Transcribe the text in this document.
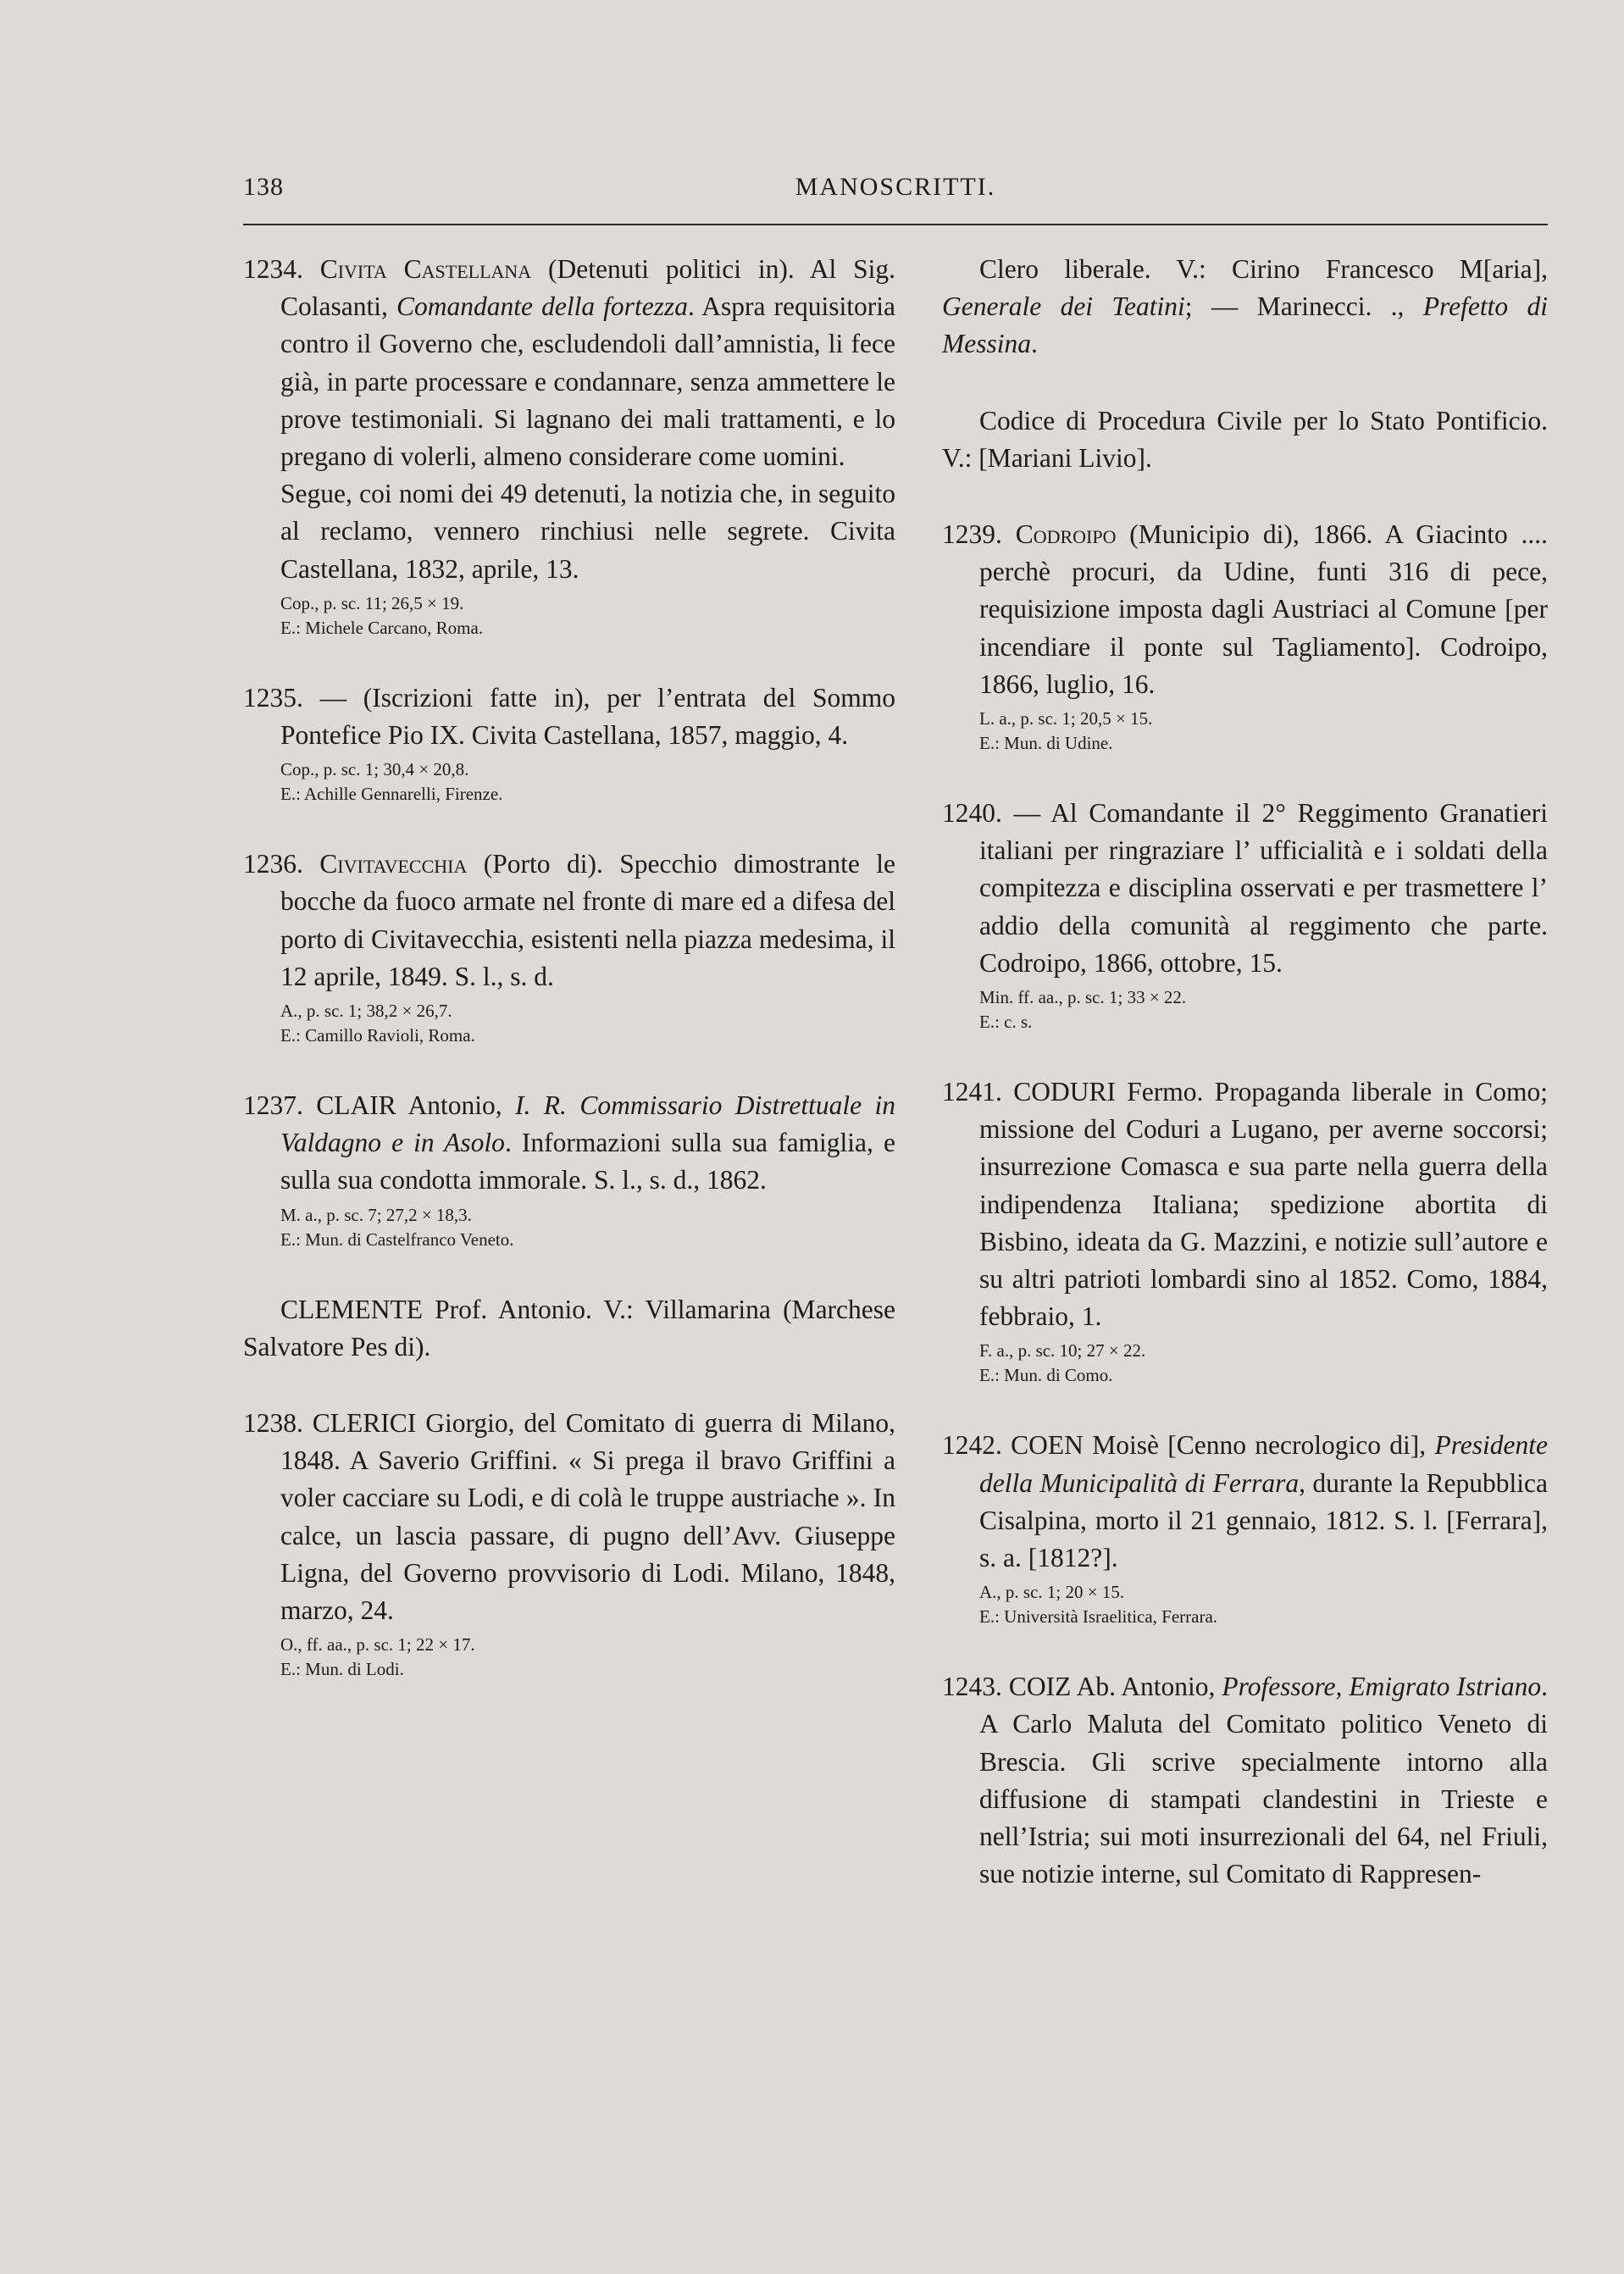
138	MANOSCRITTI.

1234. Civita Castellana (Detenuti politici in). Al Sig. Colasanti, Comandante della fortezza. Aspra requisitoria contro il Governo che, escludendoli dall’amnistia, li fece già, in parte processare e condannare, senza ammettere le prove testimoniali. Si lagnano dei mali trattamenti, e lo pregano di volerli, almeno considerare come uomini.

Segue, coi nomi dei 49 detenuti, la notizia che, in seguito al reclamo, vennero rinchiusi nelle segrete. Civita Castellana, 1832, aprile, 13.

Cop., p. sc. 11; 26,5 × 19.
E.: Michele Carcano, Roma.

1235. — (Iscrizioni fatte in), per l’entrata del Sommo Pontefice Pio IX. Civita Castellana, 1857, maggio, 4.

Cop., p. sc. 1; 30,4 × 20,8.
E.: Achille Gennarelli, Firenze.

1236. Civitavecchia (Porto di). Specchio dimostrante le bocche da fuoco armate nel fronte di mare ed a difesa del porto di Civitavecchia, esistenti nella piazza medesima, il 12 aprile, 1849. S. l., s. d.

A., p. sc. 1; 38,2 × 26,7.
E.: Camillo Ravioli, Roma.

1237. CLAIR Antonio, I. R. Commissario Distrettuale in Valdagno e in Asolo. Informazioni sulla sua famiglia, e sulla sua condotta immorale. S. l., s. d., 1862.

M. a., p. sc. 7; 27,2 × 18,3.
E.: Mun. di Castelfranco Veneto.

CLEMENTE Prof. Antonio. V.: Villamarina (Marchese Salvatore Pes di).

1238. CLERICI Giorgio, del Comitato di guerra di Milano, 1848. A Saverio Griffini. « Si prega il bravo Griffini a voler cacciare su Lodi, e di colà le truppe austriache ». In calce, un lascia passare, di pugno dell’Avv. Giuseppe Ligna, del Governo provvisorio di Lodi. Milano, 1848, marzo, 24.

O., ff. aa., p. sc. 1; 22 × 17.
E.: Mun. di Lodi.

Clero liberale. V.: Cirino Francesco M[aria], Generale dei Teatini; — Marinecci. ., Prefetto di Messina.

Codice di Procedura Civile per lo Stato Pontificio. V.: [Mariani Livio].

1239. Codroipo (Municipio di), 1866. A Giacinto .... perchè procuri, da Udine, funti 316 di pece, requisizione imposta dagli Austriaci al Comune [per incendiare il ponte sul Tagliamento]. Codroipo, 1866, luglio, 16.

L. a., p. sc. 1; 20,5 × 15.
E.: Mun. di Udine.

1240. — Al Comandante il 2° Reggimento Granatieri italiani per ringraziare l’ ufficialità e i soldati della compitezza e disciplina osservati e per trasmettere l’ addio della comunità al reggimento che parte. Codroipo, 1866, ottobre, 15.

Min. ff. aa., p. sc. 1; 33 × 22.
E.: c. s.

1241. CODURI Fermo. Propaganda liberale in Como; missione del Coduri a Lugano, per averne soccorsi; insurrezione Comasca e sua parte nella guerra della indipendenza Italiana; spedizione abortita di Bisbino, ideata da G. Mazzini, e notizie sull’autore e su altri patrioti lombardi sino al 1852. Como, 1884, febbraio, 1.

F. a., p. sc. 10; 27 × 22.
E.: Mun. di Como.

1242. COEN Moisè [Cenno necrologico di], Presidente della Municipalità di Ferrara, durante la Repubblica Cisalpina, morto il 21 gennaio, 1812. S. l. [Ferrara], s. a. [1812?].

A., p. sc. 1; 20 × 15.
E.: Università Israelitica, Ferrara.

1243. COIZ Ab. Antonio, Professore, Emigrato Istriano. A Carlo Maluta del Comitato politico Veneto di Brescia. Gli scrive specialmente intorno alla diffusione di stampati clandestini in Trieste e nell’Istria; sui moti insurrezionali del 64, nel Friuli, sue notizie interne, sul Comitato di Rappresen-
